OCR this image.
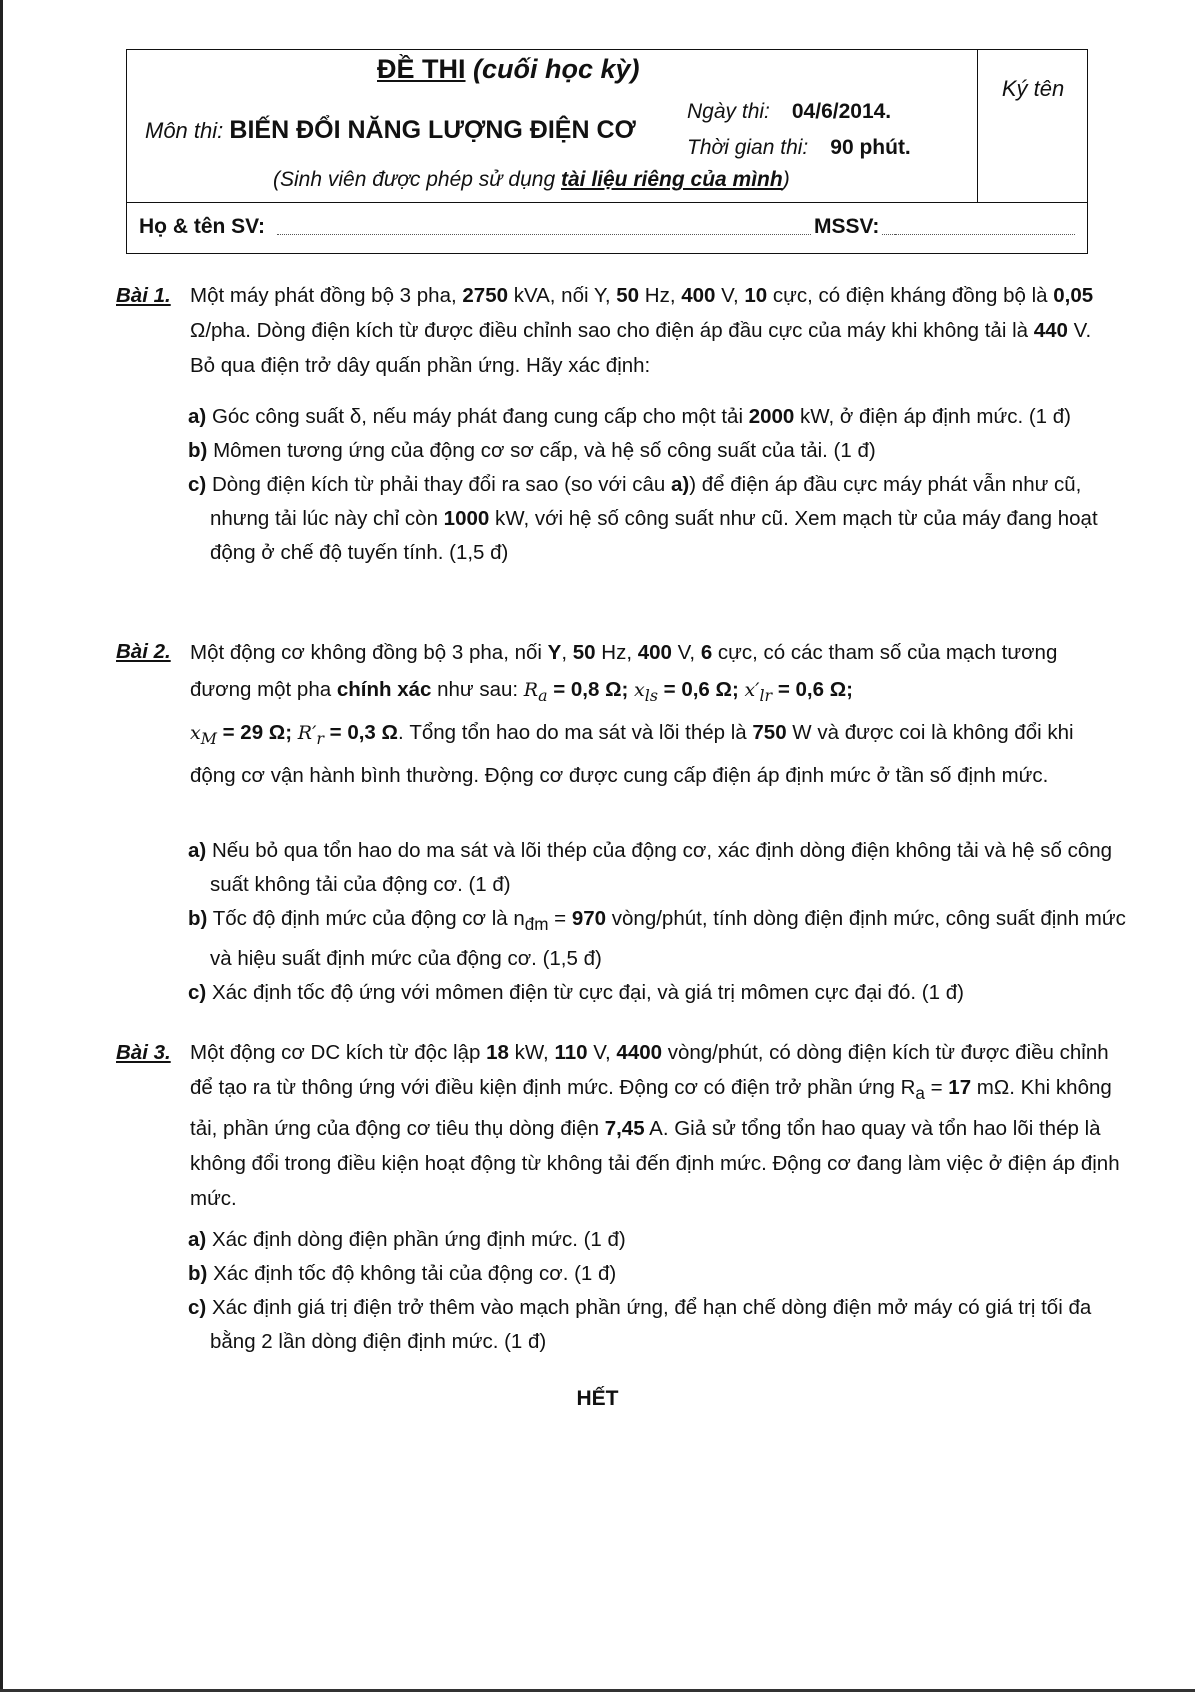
ĐỀ THI (cuối học kỳ)
Môn thi: BIẾN ĐỔI NĂNG LƯỢNG ĐIỆN CƠ
Ngày thi: 04/6/2014.
Thời gian thi: 90 phút.
(Sinh viên được phép sử dụng tài liệu riêng của mình)
Ký tên
Họ & tên SV:	MSSV:
Bài 1. Một máy phát đồng bộ 3 pha, 2750 kVA, nối Y, 50 Hz, 400 V, 10 cực, có điện kháng đồng bộ là 0,05 Ω/pha. Dòng điện kích từ được điều chỉnh sao cho điện áp đầu cực của máy khi không tải là 440 V. Bỏ qua điện trở dây quấn phần ứng. Hãy xác định:

a) Góc công suất δ, nếu máy phát đang cung cấp cho một tải 2000 kW, ở điện áp định mức. (1 đ)

b) Mômen tương ứng của động cơ sơ cấp, và hệ số công suất của tải. (1 đ)

c) Dòng điện kích từ phải thay đổi ra sao (so với câu a)) để điện áp đầu cực máy phát vẫn như cũ, nhưng tải lúc này chỉ còn 1000 kW, với hệ số công suất như cũ. Xem mạch từ của máy đang hoạt động ở chế độ tuyến tính. (1,5 đ)

Bài 2. Một động cơ không đồng bộ 3 pha, nối Y, 50 Hz, 400 V, 6 cực, có các tham số của mạch tương đương một pha chính xác như sau: $R_a = 0,8$ Ω; $x_{ls} = 0,6$ Ω; $x'_{lr} = 0,6$ Ω;
$x_M = 29$ Ω; $R'_r = 0,3$ Ω. Tổng tổn hao do ma sát và lõi thép là 750 W và được coi là không đổi khi động cơ vận hành bình thường. Động cơ được cung cấp điện áp định mức ở tần số định mức.

a) Nếu bỏ qua tổn hao do ma sát và lõi thép của động cơ, xác định dòng điện không tải và hệ số công suất không tải của động cơ. (1 đ)

b) Tốc độ định mức của động cơ là $n_{đm} = 970$ vòng/phút, tính dòng điện định mức, công suất định mức và hiệu suất định mức của động cơ. (1,5 đ)

c) Xác định tốc độ ứng với mômen điện từ cực đại, và giá trị mômen cực đại đó. (1 đ)

Bài 3. Một động cơ DC kích từ độc lập 18 kW, 110 V, 4400 vòng/phút, có dòng điện kích từ được điều chỉnh để tạo ra từ thông ứng với điều kiện định mức. Động cơ có điện trở phần ứng $R_a = 17$ mΩ. Khi không tải, phần ứng của động cơ tiêu thụ dòng điện 7,45 A. Giả sử tổng tổn hao quay và tổn hao lõi thép là không đổi trong điều kiện hoạt động từ không tải đến định mức. Động cơ đang làm việc ở điện áp định mức.

a) Xác định dòng điện phần ứng định mức. (1 đ)

b) Xác định tốc độ không tải của động cơ. (1 đ)

c) Xác định giá trị điện trở thêm vào mạch phần ứng, để hạn chế dòng điện mở máy có giá trị tối đa bằng 2 lần dòng điện định mức. (1 đ)

HẾT
